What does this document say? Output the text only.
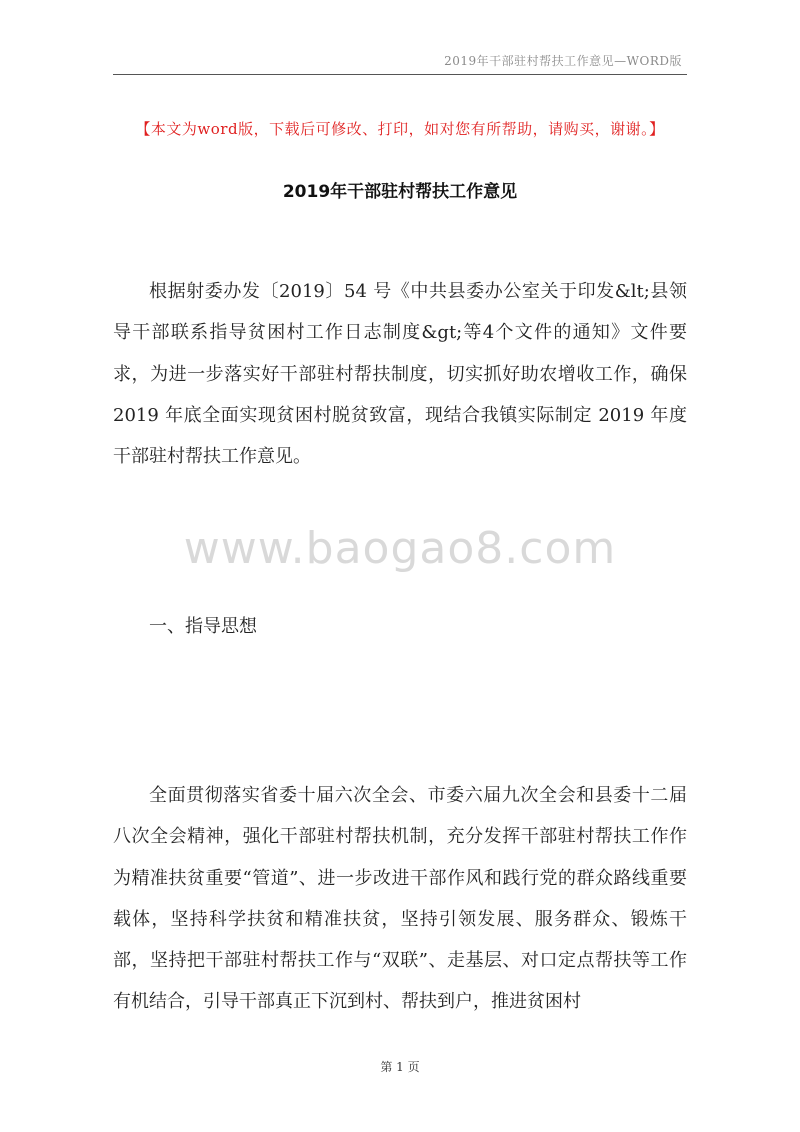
2019年干部驻村帮扶工作意见—WORD版
【本文为word版，下载后可修改、打印，如对您有所帮助，请购买，谢谢。】
2019年干部驻村帮扶工作意见
根据射委办发〔2019〕54 号《中共县委办公室关于印发&lt;县领导干部联系指导贫困村工作日志制度&gt;等4个文件的通知》文件要求，为进一步落实好干部驻村帮扶制度，切实抓好助农增收工作，确保 2019 年底全面实现贫困村脱贫致富，现结合我镇实际制定 2019 年度干部驻村帮扶工作意见。
www.baogao8.com
一、指导思想
全面贯彻落实省委十届六次全会、市委六届九次全会和县委十二届八次全会精神，强化干部驻村帮扶机制，充分发挥干部驻村帮扶工作作为精准扶贫重要“管道”、进一步改进干部作风和践行党的群众路线重要载体，坚持科学扶贫和精准扶贫，坚持引领发展、服务群众、锻炼干部，坚持把干部驻村帮扶工作与“双联”、走基层、对口定点帮扶等工作有机结合，引导干部真正下沉到村、帮扶到户，推进贫困村
第 1 页
